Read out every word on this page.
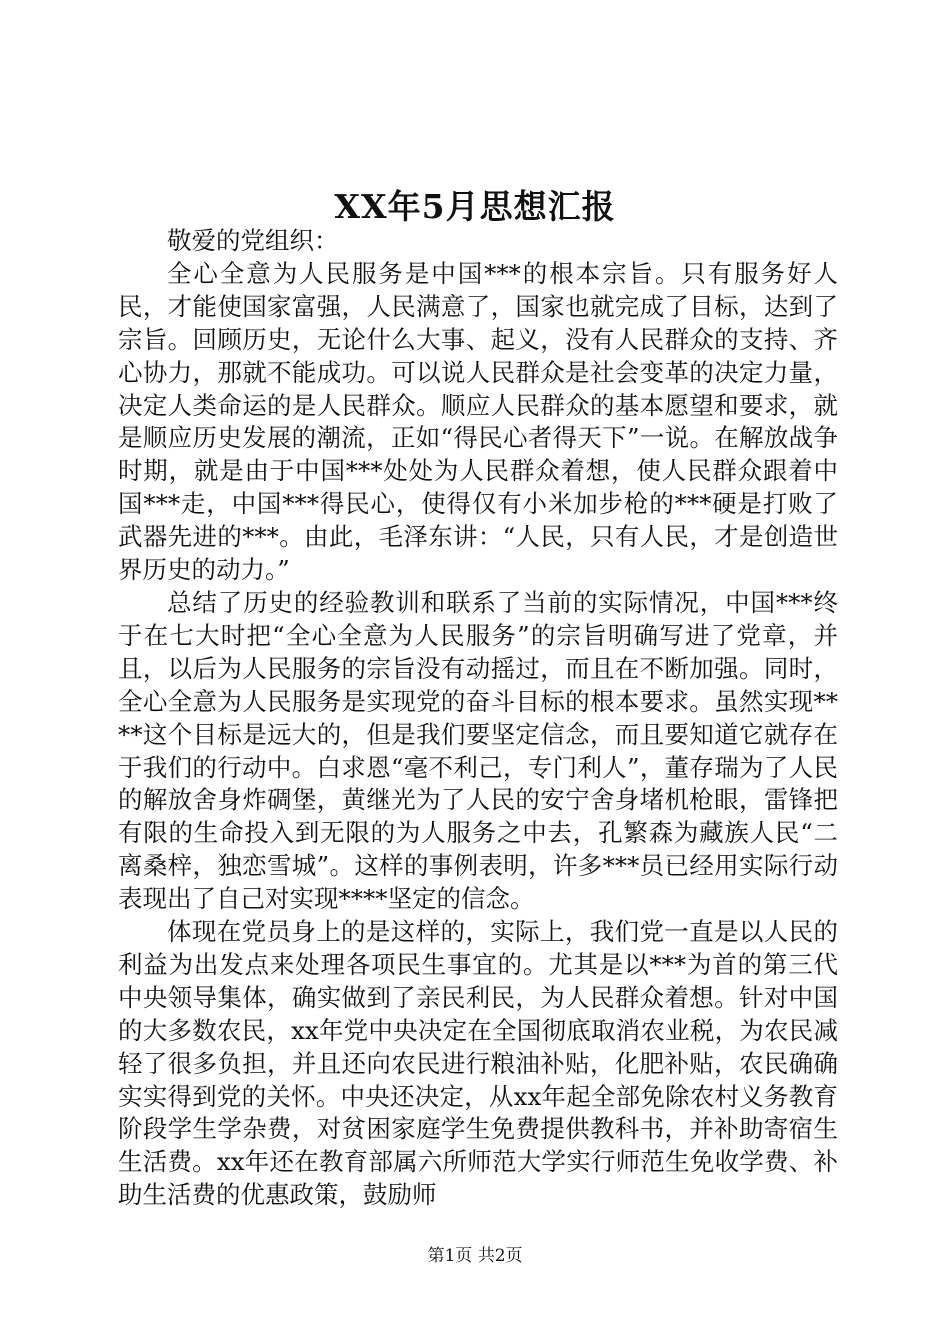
XX年5月思想汇报

敬爱的党组织：

全心全意为人民服务是中国***的根本宗旨。只有服务好人民，才能使国家富强，人民满意了，国家也就完成了目标，达到了宗旨。回顾历史，无论什么大事、起义，没有人民群众的支持、齐心协力，那就不能成功。可以说人民群众是社会变革的决定力量，决定人类命运的是人民群众。顺应人民群众的基本愿望和要求，就是顺应历史发展的潮流，正如“得民心者得天下”一说。在解放战争时期，就是由于中国***处处为人民群众着想，使人民群众跟着中国***走，中国***得民心，使得仅有小米加步枪的***硬是打败了武器先进的***。由此，毛泽东讲：“人民，只有人民，才是创造世界历史的动力。”

总结了历史的经验教训和联系了当前的实际情况，中国***终于在七大时把“全心全意为人民服务”的宗旨明确写进了党章，并且，以后为人民服务的宗旨没有动摇过，而且在不断加强。同时，全心全意为人民服务是实现党的奋斗目标的根本要求。虽然实现****这个目标是远大的，但是我们要坚定信念，而且要知道它就存在于我们的行动中。白求恩“毫不利己，专门利人”，董存瑞为了人民的解放舍身炸碉堡，黄继光为了人民的安宁舍身堵机枪眼，雷锋把有限的生命投入到无限的为人服务之中去，孔繁森为藏族人民“二离桑梓，独恋雪城”。这样的事例表明，许多***员已经用实际行动表现出了自己对实现****坚定的信念。

体现在党员身上的是这样的，实际上，我们党一直是以人民的利益为出发点来处理各项民生事宜的。尤其是以***为首的第三代中央领导集体，确实做到了亲民利民，为人民群众着想。针对中国的大多数农民，xx年党中央决定在全国彻底取消农业税，为农民减轻了很多负担，并且还向农民进行粮油补贴，化肥补贴，农民确确实实得到党的关怀。中央还决定，从xx年起全部免除农村义务教育阶段学生学杂费，对贫困家庭学生免费提供教科书，并补助寄宿生生活费。xx年还在教育部属六所师范大学实行师范生免收学费、补助生活费的优惠政策，鼓励师

第1页 共2页
